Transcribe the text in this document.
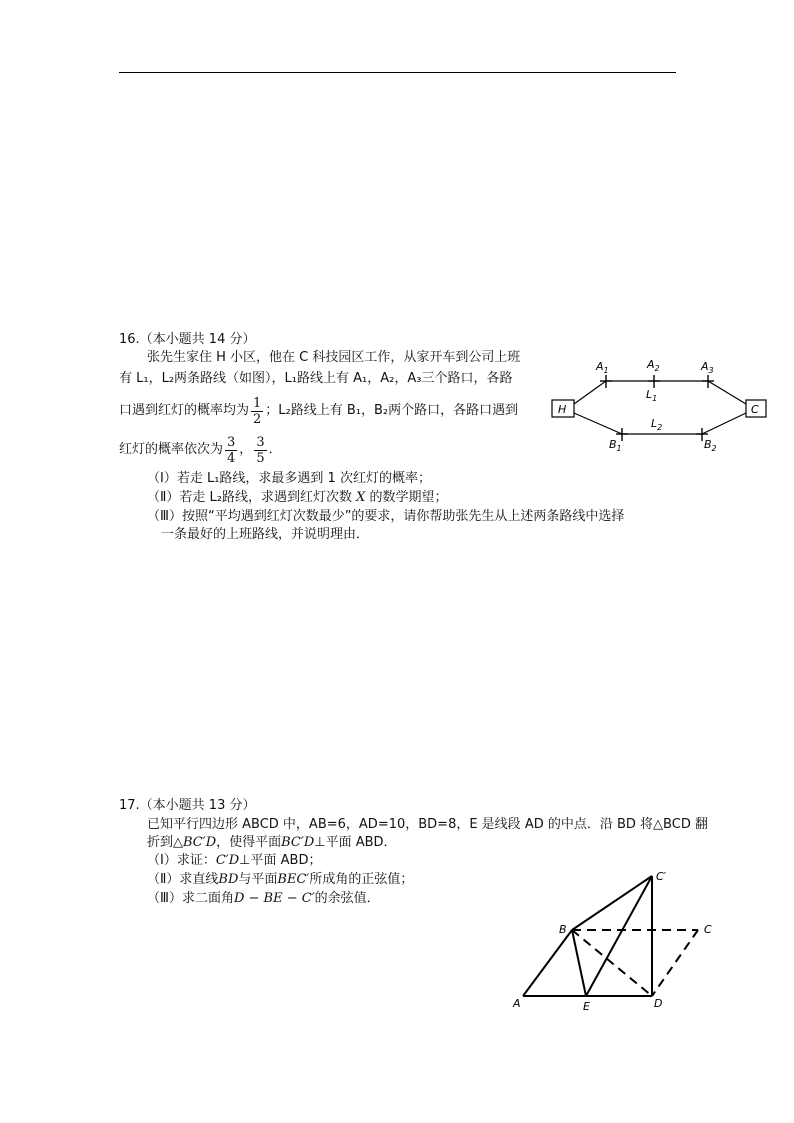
16.（本小题共 14 分）
张先生家住 H 小区，他在 C 科技园区工作，从家开车到公司上班
有 L₁，L₂两条路线（如图），L₁路线上有 A₁，A₂，A₃三个路口，各路
口遇到红灯的概率均为 $\frac{1}{2}$ ；L₂路线上有 B₁，B₂两个路口，各路口遇到
红灯的概率依次为 $\frac{3}{4}$ ， $\frac{3}{5}$ ．
（Ⅰ）若走 L₁路线，求最多遇到 1 次红灯的概率；
（Ⅱ）若走 L₂路线，求遇到红灯次数 X 的数学期望；
（Ⅲ）按照“平均遇到红灯次数最少”的要求，请你帮助张先生从上述两条路线中选择
一条最好的上班路线，并说明理由．
H	C
$A_1$	$A_2$	$A_3$
$L_1$
$L_2$
$B_1$	$B_2$
17.（本小题共 13 分）
已知平行四边形 ABCD 中，AB=6，AD=10，BD=8，E 是线段 AD 的中点．沿 BD 将△BCD 翻
折到△BC′D，使得平面BC′D⊥平面 ABD．
（Ⅰ）求证：C′D⊥平面 ABD；
（Ⅱ）求直线BD与平面BEC′所成角的正弦值；
（Ⅲ）求二面角D − BE − C′的余弦值．
A
B	C
D
E
C′
